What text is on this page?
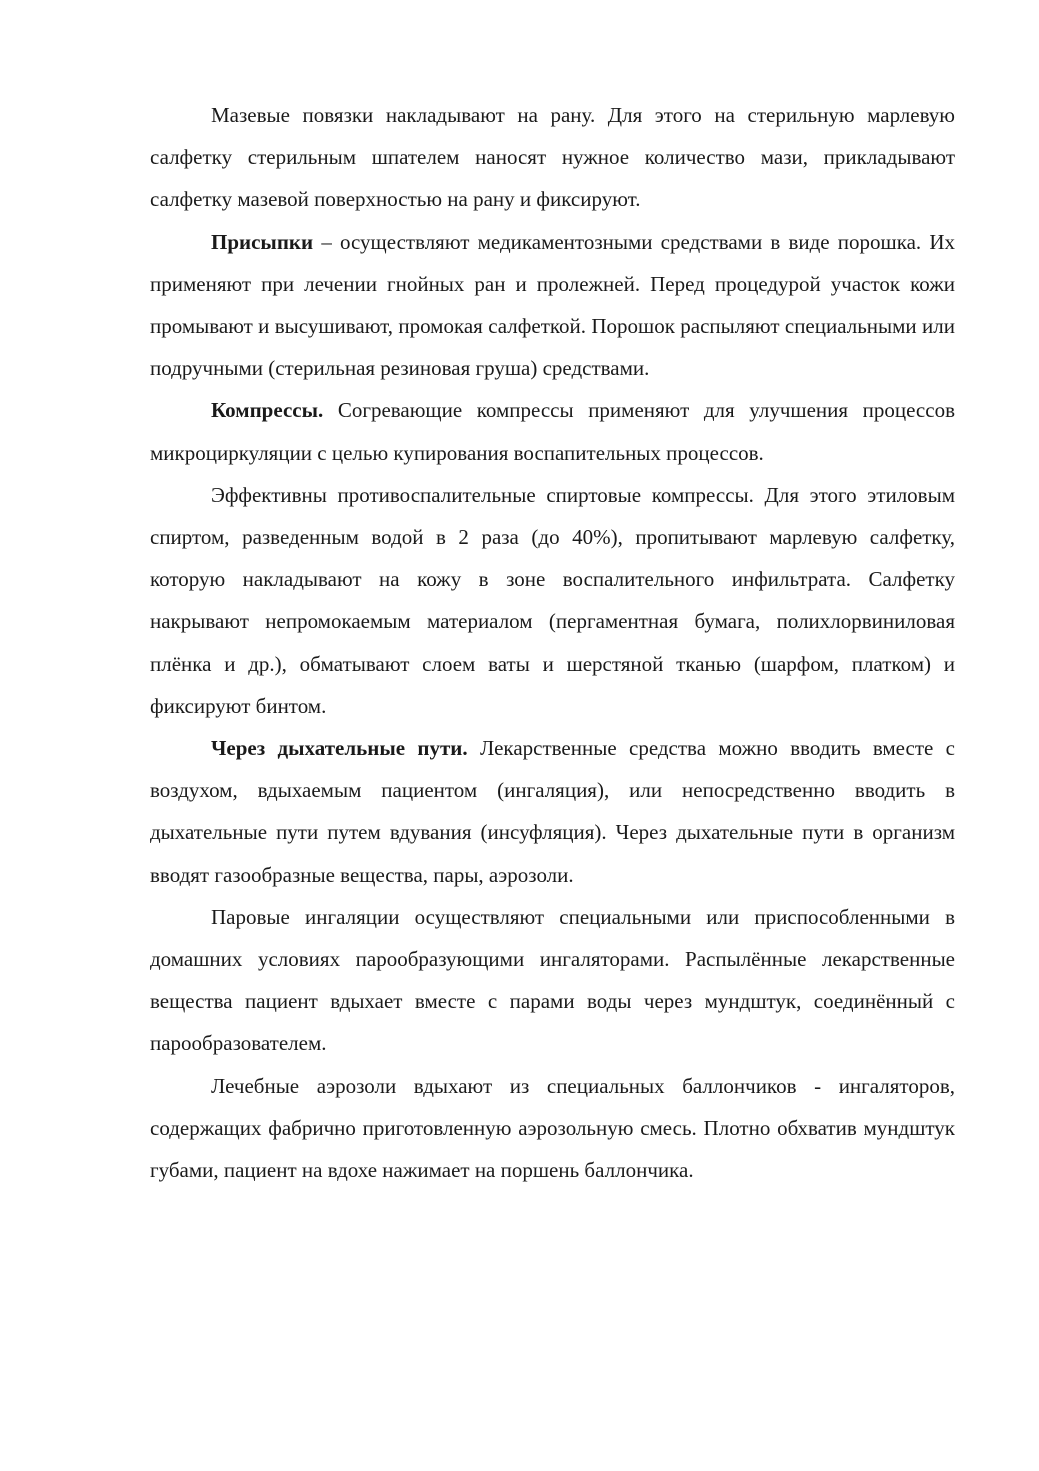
Мазевые повязки накладывают на рану. Для этого на стерильную марлевую салфетку стерильным шпателем наносят нужное количество мази, прикладывают салфетку мазевой поверхностью на рану и фиксируют.

Присыпки – осуществляют медикаментозными средствами в виде порошка. Их применяют при лечении гнойных ран и пролежней. Перед процедурой участок кожи промывают и высушивают, промокая салфеткой. Порошок распыляют специальными или подручными (стерильная резиновая груша) средствами.

Компрессы. Согревающие компрессы применяют для улучшения процессов микроциркуляции с целью купирования воспапительных процессов.

Эффективны противоспалительные спиртовые компрессы. Для этого этиловым спиртом, разведенным водой в 2 раза (до 40%), пропитывают марлевую салфетку, которую накладывают на кожу в зоне воспалительного инфильтрата. Салфетку накрывают непромокаемым материалом (пергаментная бумага, полихлорвиниловая плёнка и др.), обматывают слоем ваты и шерстяной тканью (шарфом, платком) и фиксируют бинтом.

Через дыхательные пути. Лекарственные средства можно вводить вместе с воздухом, вдыхаемым пациентом (ингаляция), или непосредственно вводить в дыхательные пути путем вдувания (инсуфляция). Через дыхательные пути в организм вводят газообразные вещества, пары, аэрозоли.

Паровые ингаляции осуществляют специальными или приспособленными в домашних условиях парообразующими ингаляторами. Распылённые лекарственные вещества пациент вдыхает вместе с парами воды через мундштук, соединённый с парообразователем.

Лечебные аэрозоли вдыхают из специальных баллончиков - ингаляторов, содержащих фабрично приготовленную аэрозольную смесь. Плотно обхватив мундштук губами, пациент на вдохе нажимает на поршень баллончика.
